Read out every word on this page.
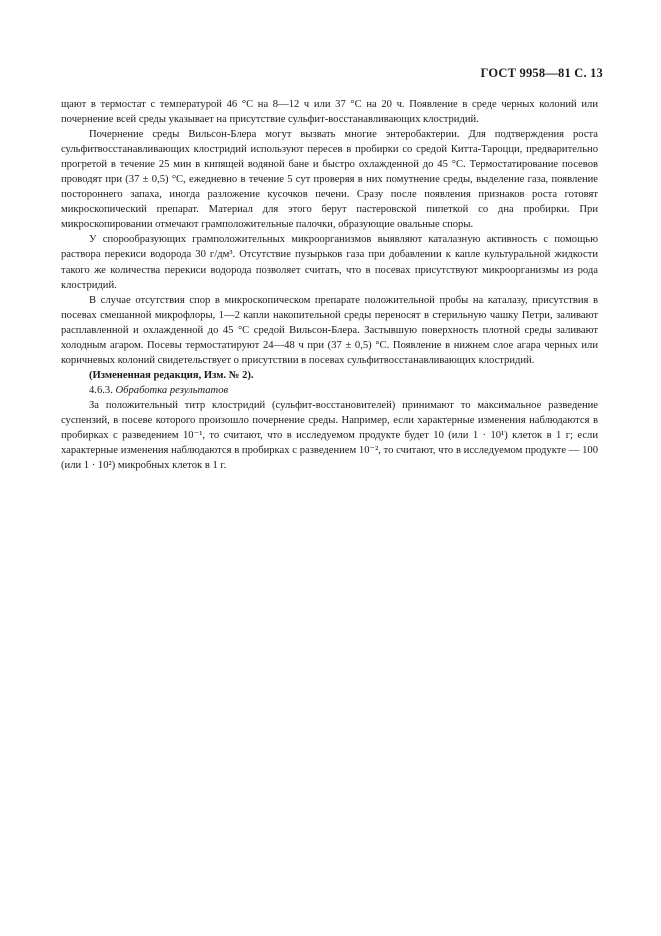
ГОСТ 9958—81 С. 13

щают в термостат с температурой 46 °С на 8—12 ч или 37 °С на 20 ч. Появление в среде черных колоний или почернение всей среды указывает на присутствие сульфит-восстанавливающих клостридий.

Почернение среды Вильсон-Блера могут вызвать многие энтеробактерии. Для подтверждения роста сульфитвосстанавливающих клостридий используют пересев в пробирки со средой Китта-Тароцци, предварительно прогретой в течение 25 мин в кипящей водяной бане и быстро охлажденной до 45 °С. Термостатирование посевов проводят при (37 ± 0,5) °С, ежедневно в течение 5 сут проверяя в них помутнение среды, выделение газа, появление постороннего запаха, иногда разложение кусочков печени. Сразу после появления признаков роста готовят микроскопический препарат. Материал для этого берут пастеровской пипеткой со дна пробирки. При микроскопировании отмечают грамположительные палочки, образующие овальные споры.

У спорообразующих грамположительных микроорганизмов выявляют каталазную активность с помощью раствора перекиси водорода 30 г/дм³. Отсутствие пузырьков газа при добавлении к капле культуральной жидкости такого же количества перекиси водорода позволяет считать, что в посевах присутствуют микроорганизмы из рода клостридий.

В случае отсутствия спор в микроскопическом препарате положительной пробы на каталазу, присутствия в посевах смешанной микрофлоры, 1—2 капли накопительной среды переносят в стерильную чашку Петри, заливают расплавленной и охлажденной до 45 °С средой Вильсон-Блера. Застывшую поверхность плотной среды заливают холодным агаром. Посевы термостатируют 24—48 ч при (37 ± 0,5) °С. Появление в нижнем слое агара черных или коричневых колоний свидетельствует о присутствии в посевах сульфитвосстанавливающих клостридий.

(Измененная редакция, Изм. № 2).

4.6.3. Обработка результатов

За положительный титр клостридий (сульфит-восстановителей) принимают то максимальное разведение суспензий, в посеве которого произошло почернение среды. Например, если характерные изменения наблюдаются в пробирках с разведением 10⁻¹, то считают, что в исследуемом продукте будет 10 (или 1 · 10¹) клеток в 1 г; если характерные изменения наблюдаются в пробирках с разведением 10⁻², то считают, что в исследуемом продукте — 100 (или 1 · 10²) микробных клеток в 1 г.
